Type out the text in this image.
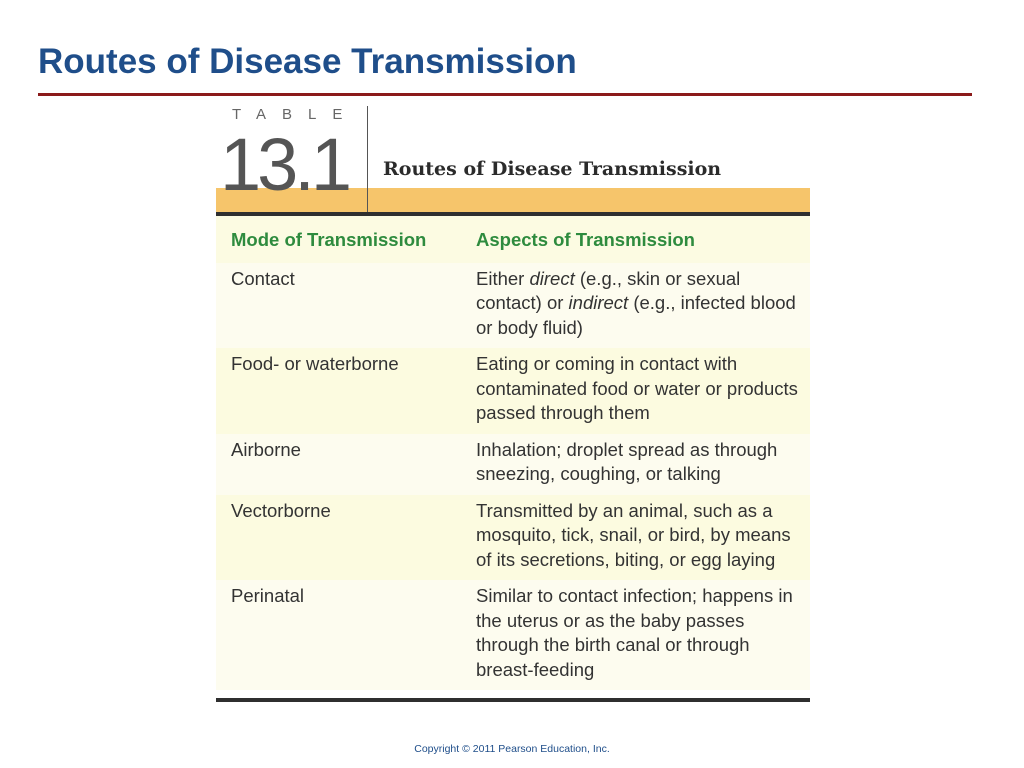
Routes of Disease Transmission
TABLE
13.1 Routes of Disease Transmission
Mode of Transmission	Aspects of Transmission
Contact	Either direct (e.g., skin or sexual contact) or indirect (e.g., infected blood or body fluid)
Food- or waterborne	Eating or coming in contact with contaminated food or water or products passed through them
Airborne	Inhalation; droplet spread as through sneezing, coughing, or talking
Vectorborne	Transmitted by an animal, such as a mosquito, tick, snail, or bird, by means of its secretions, biting, or egg laying
Perinatal	Similar to contact infection; happens in the uterus or as the baby passes through the birth canal or through breast-feeding
Copyright © 2011 Pearson Education, Inc.
